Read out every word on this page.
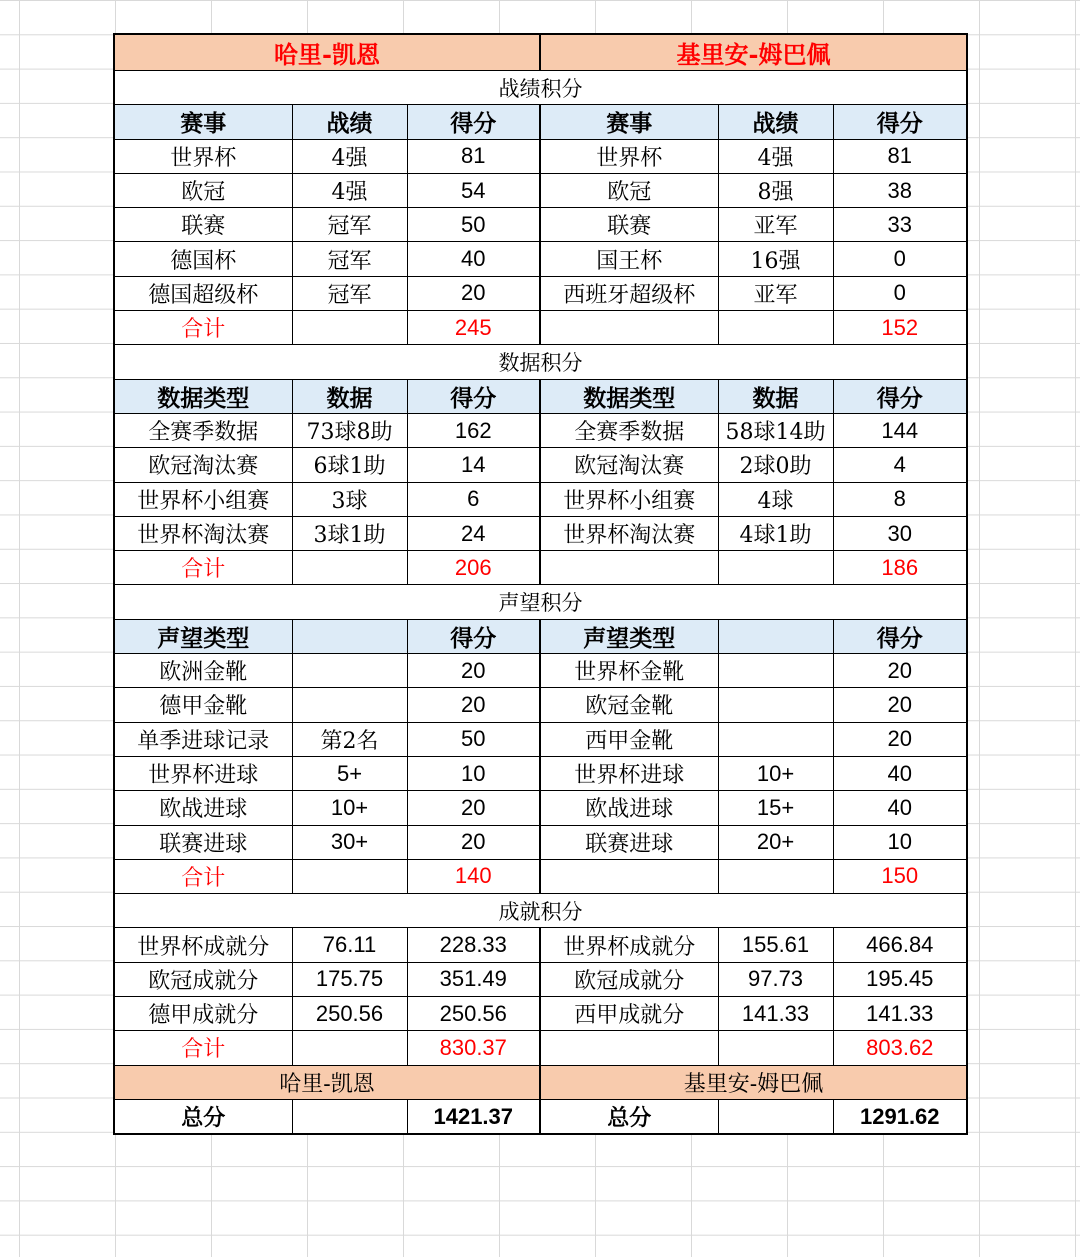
哈里-凯恩			基里安-姆巴佩		
战绩积分					
赛事	战绩	得分	赛事	战绩	得分
世界杯	4强	81	世界杯	4强	81
欧冠	4强	54	欧冠	8强	38
联赛	冠军	50	联赛	亚军	33
德国杯	冠军	40	国王杯	16强	0
德国超级杯	冠军	20	西班牙超级杯	亚军	0
合计		245			152
数据积分					
数据类型	数据	得分	数据类型	数据	得分
全赛季数据	73球8助	162	全赛季数据	58球14助	144
欧冠淘汰赛	6球1助	14	欧冠淘汰赛	2球0助	4
世界杯小组赛	3球	6	世界杯小组赛	4球	8
世界杯淘汰赛	3球1助	24	世界杯淘汰赛	4球1助	30
合计		206			186
声望积分					
声望类型		得分	声望类型		得分
欧洲金靴		20	世界杯金靴		20
德甲金靴		20	欧冠金靴		20
单季进球记录	第2名	50	西甲金靴		20
世界杯进球	5+	10	世界杯进球	10+	40
欧战进球	10+	20	欧战进球	15+	40
联赛进球	30+	20	联赛进球	20+	10
合计		140			150
成就积分					
世界杯成就分	76.11	228.33	世界杯成就分	155.61	466.84
欧冠成就分	175.75	351.49	欧冠成就分	97.73	195.45
德甲成就分	250.56	250.56	西甲成就分	141.33	141.33
合计		830.37			803.62
哈里-凯恩			基里安-姆巴佩		
总分		1421.37	总分		1291.62
